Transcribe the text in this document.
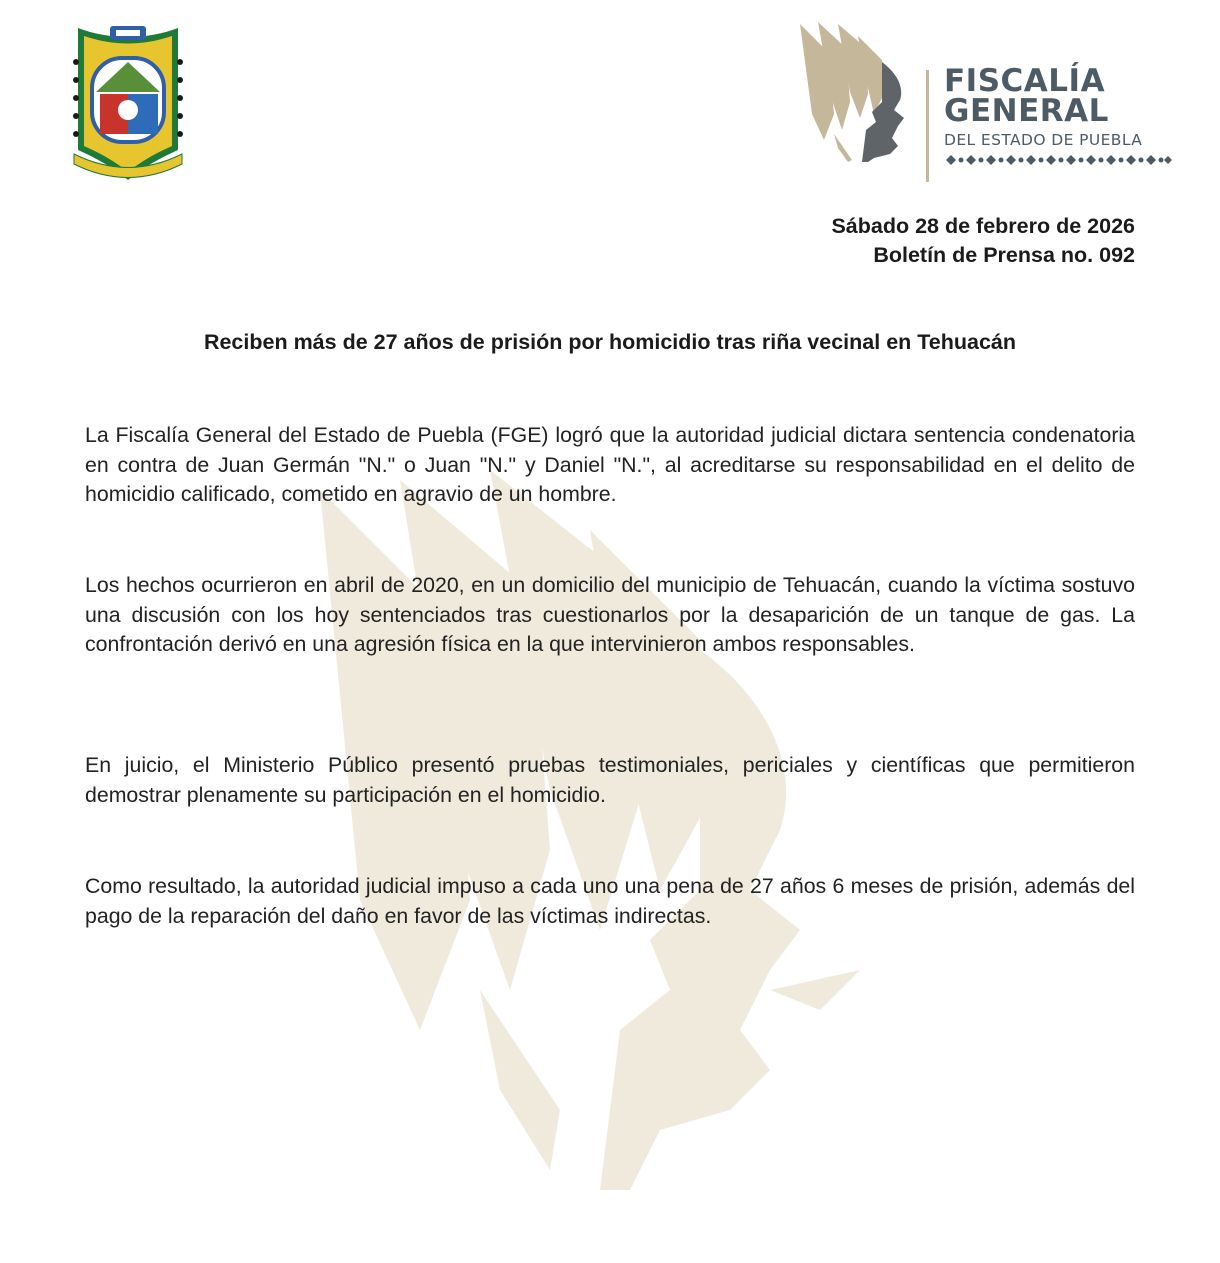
FISCALÍA
GENERAL
DEL ESTADO DE PUEBLA
Sábado 28 de febrero de 2026
Boletín de Prensa no. 092
Reciben más de 27 años de prisión por homicidio tras riña vecinal en Tehuacán
La Fiscalía General del Estado de Puebla (FGE) logró que la autoridad judicial dictara sentencia condenatoria en contra de Juan Germán "N." o Juan "N." y Daniel "N.", al acreditarse su responsabilidad en el delito de homicidio calificado, cometido en agravio de un hombre.
Los hechos ocurrieron en abril de 2020, en un domicilio del municipio de Tehuacán, cuando la víctima sostuvo una discusión con los hoy sentenciados tras cuestionarlos por la desaparición de un tanque de gas. La confrontación derivó en una agresión física en la que intervinieron ambos responsables.
En juicio, el Ministerio Público presentó pruebas testimoniales, periciales y científicas que permitieron demostrar plenamente su participación en el homicidio.
Como resultado, la autoridad judicial impuso a cada uno una pena de 27 años 6 meses de prisión, además del pago de la reparación del daño en favor de las víctimas indirectas.
